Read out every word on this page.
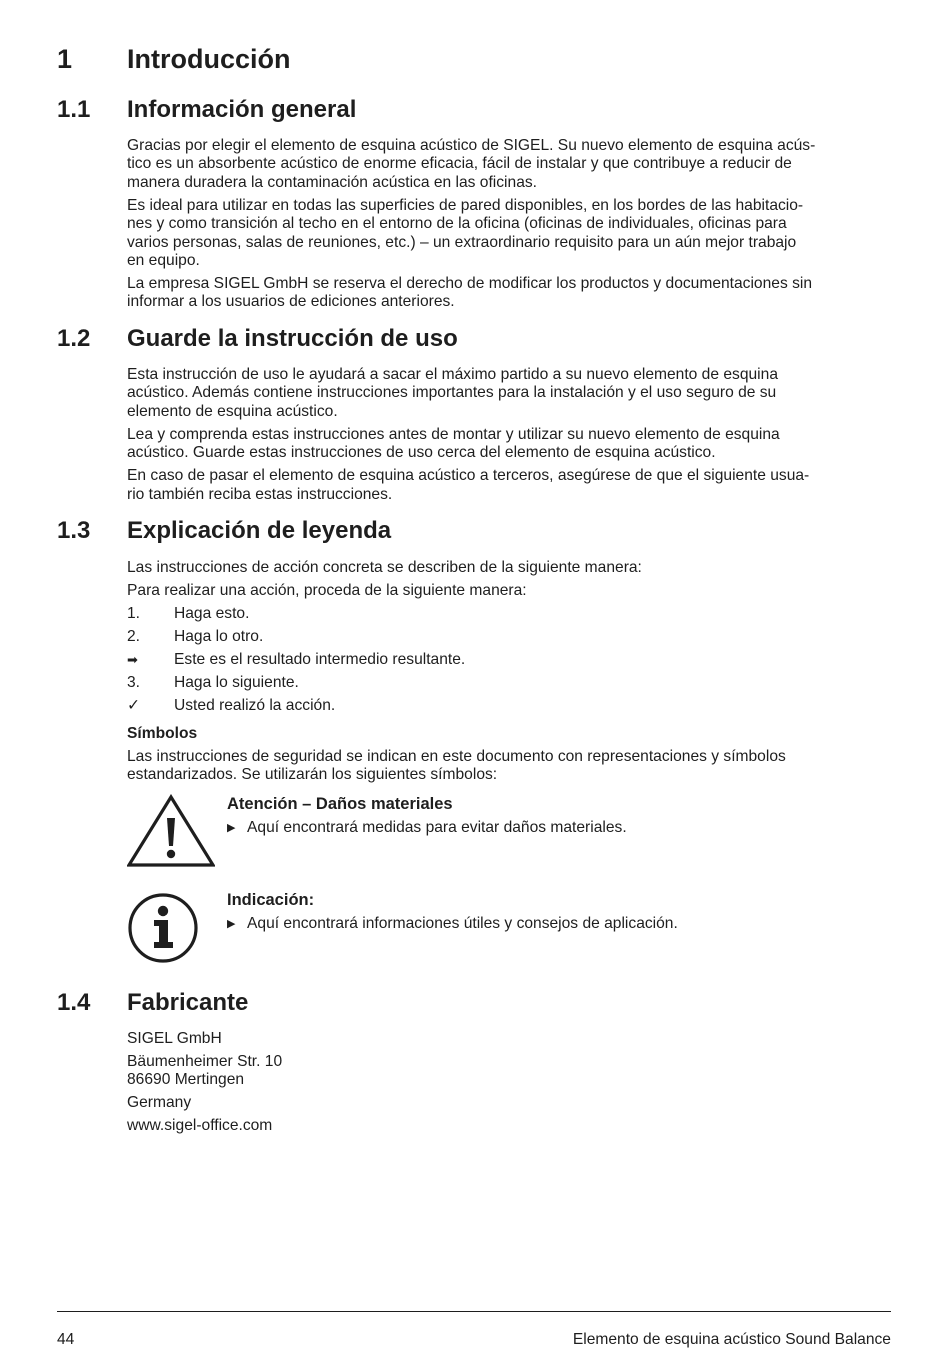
1 Introducción
1.1 Información general

Gracias por elegir el elemento de esquina acústico de SIGEL. Su nuevo elemento de esquina acús-
tico es un absorbente acústico de enorme eficacia, fácil de instalar y que contribuye a reducir de
manera duradera la contaminación acústica en las oficinas.

Es ideal para utilizar en todas las superficies de pared disponibles, en los bordes de las habitacio-
nes y como transición al techo en el entorno de la oficina (oficinas de individuales, oficinas para
varios personas, salas de reuniones, etc.) – un extraordinario requisito para un aún mejor trabajo
en equipo.

La empresa SIGEL GmbH se reserva el derecho de modificar los productos y documentaciones sin
informar a los usuarios de ediciones anteriores.

1.2 Guarde la instrucción de uso

Esta instrucción de uso le ayudará a sacar el máximo partido a su nuevo elemento de esquina
acústico. Además contiene instrucciones importantes para la instalación y el uso seguro de su
elemento de esquina acústico.

Lea y comprenda estas instrucciones antes de montar y utilizar su nuevo elemento de esquina
acústico. Guarde estas instrucciones de uso cerca del elemento de esquina acústico.

En caso de pasar el elemento de esquina acústico a terceros, asegúrese de que el siguiente usua-
rio también reciba estas instrucciones.

1.3 Explicación de leyenda

Las instrucciones de acción concreta se describen de la siguiente manera:

Para realizar una acción, proceda de la siguiente manera:

1.	Haga esto.
2.	Haga lo otro.
➡	Este es el resultado intermedio resultante.
3.	Haga lo siguiente.
✓	Usted realizó la acción.

Símbolos

Las instrucciones de seguridad se indican en este documento con representaciones y símbolos
estandarizados. Se utilizarán los siguientes símbolos:

Atención – Daños materiales
▶ Aquí encontrará medidas para evitar daños materiales.
Indicación:
▶ Aquí encontrará informaciones útiles y consejos de aplicación.
1.4 Fabricante

SIGEL GmbH

Bäumenheimer Str. 10
86690 Mertingen

Germany

www.sigel-office.com

44	Elemento de esquina acústico Sound Balance
